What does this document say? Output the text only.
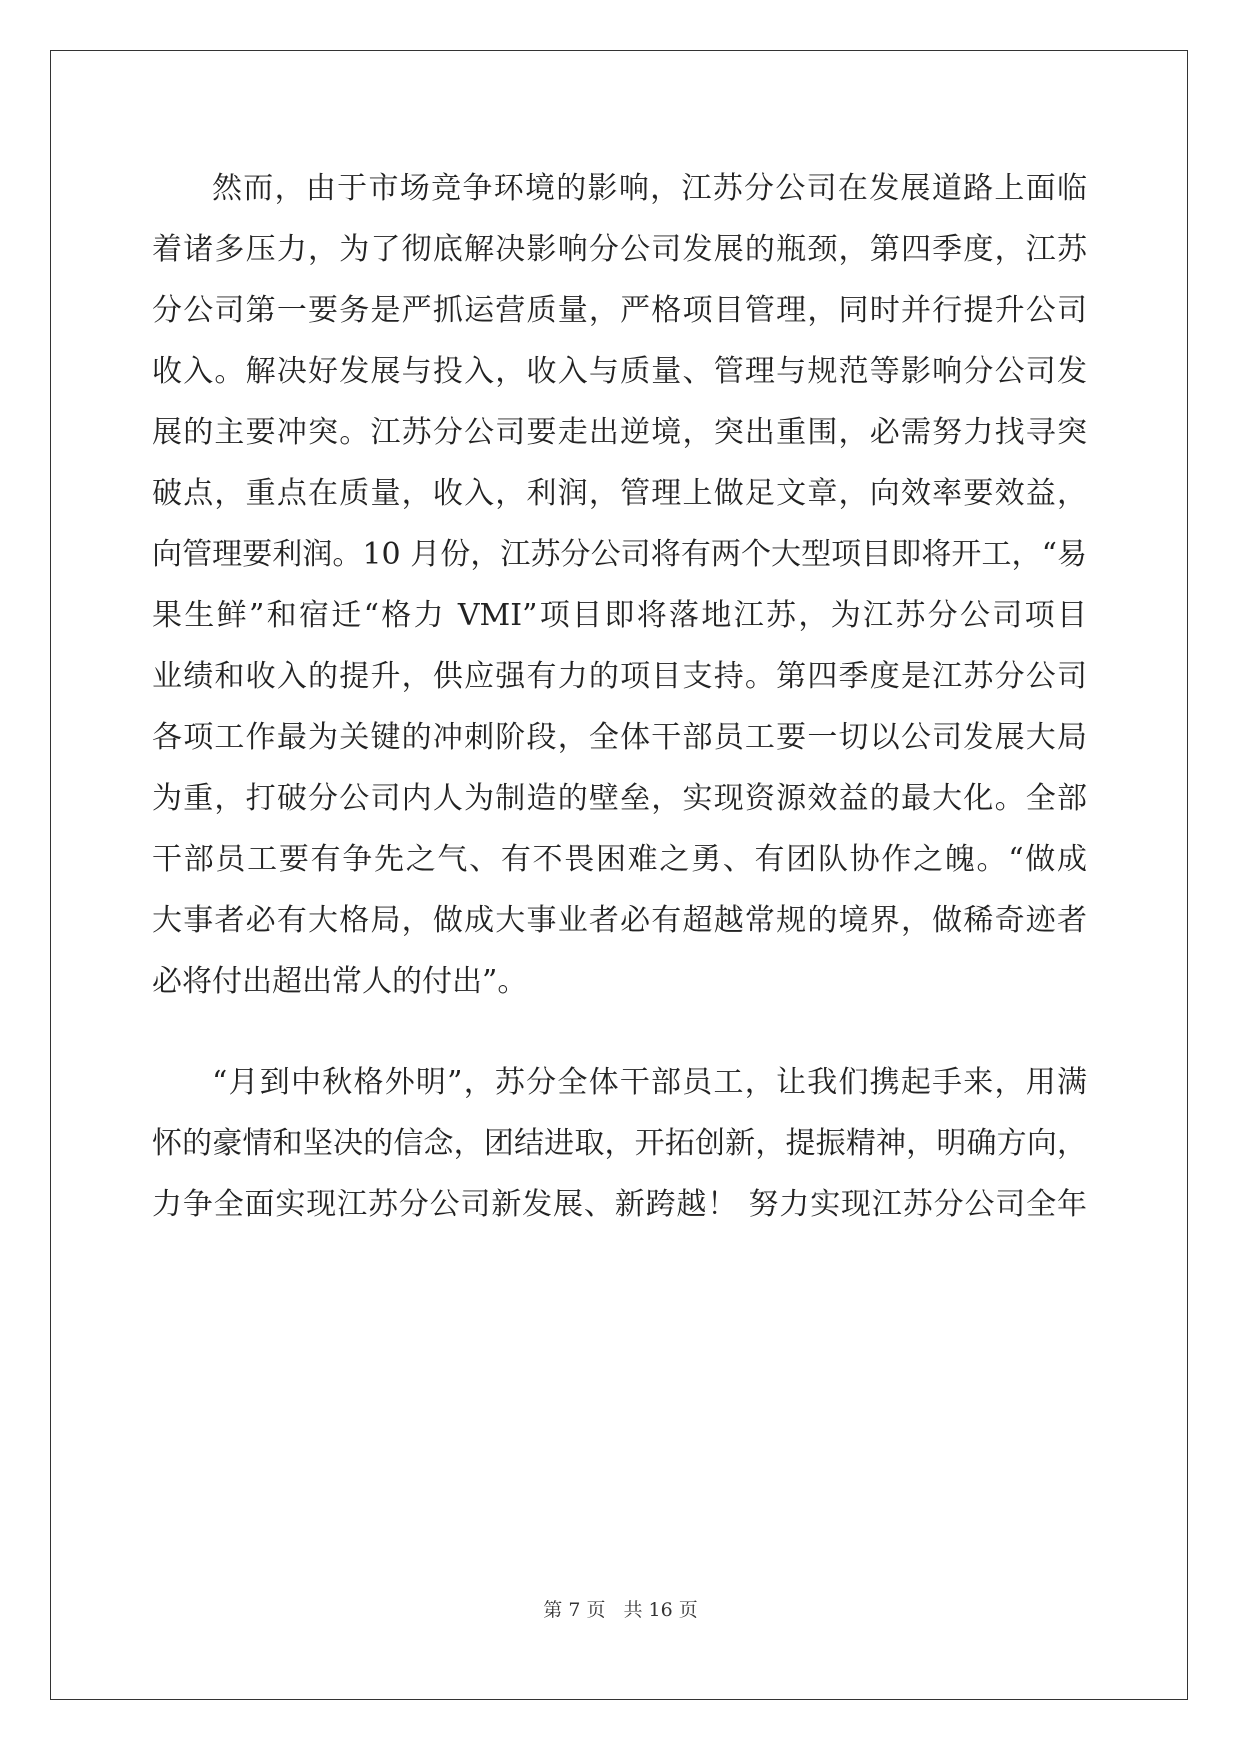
然而，由于市场竞争环境的影响，江苏分公司在发展道路上面临
着诸多压力，为了彻底解决影响分公司发展的瓶颈，第四季度，江苏
分公司第一要务是严抓运营质量，严格项目管理，同时并行提升公司
收入。解决好发展与投入，收入与质量、管理与规范等影响分公司发
展的主要冲突。江苏分公司要走出逆境，突出重围，必需努力找寻突
破点，重点在质量，收入，利润，管理上做足文章，向效率要效益，
向管理要利润。10 月份，江苏分公司将有两个大型项目即将开工，“易
果生鲜”和宿迁“格力 VMI”项目即将落地江苏，为江苏分公司项目
业绩和收入的提升，供应强有力的项目支持。第四季度是江苏分公司
各项工作最为关键的冲刺阶段，全体干部员工要一切以公司发展大局
为重，打破分公司内人为制造的壁垒，实现资源效益的最大化。全部
干部员工要有争先之气、有不畏困难之勇、有团队协作之魄。“做成
大事者必有大格局，做成大事业者必有超越常规的境界，做稀奇迹者
必将付出超出常人的付出”。
“月到中秋格外明”，苏分全体干部员工，让我们携起手来，用满
怀的豪情和坚决的信念，团结进取，开拓创新，提振精神，明确方向，
力争全面实现江苏分公司新发展、新跨越！ 努力实现江苏分公司全年
第 7 页 共 16 页
